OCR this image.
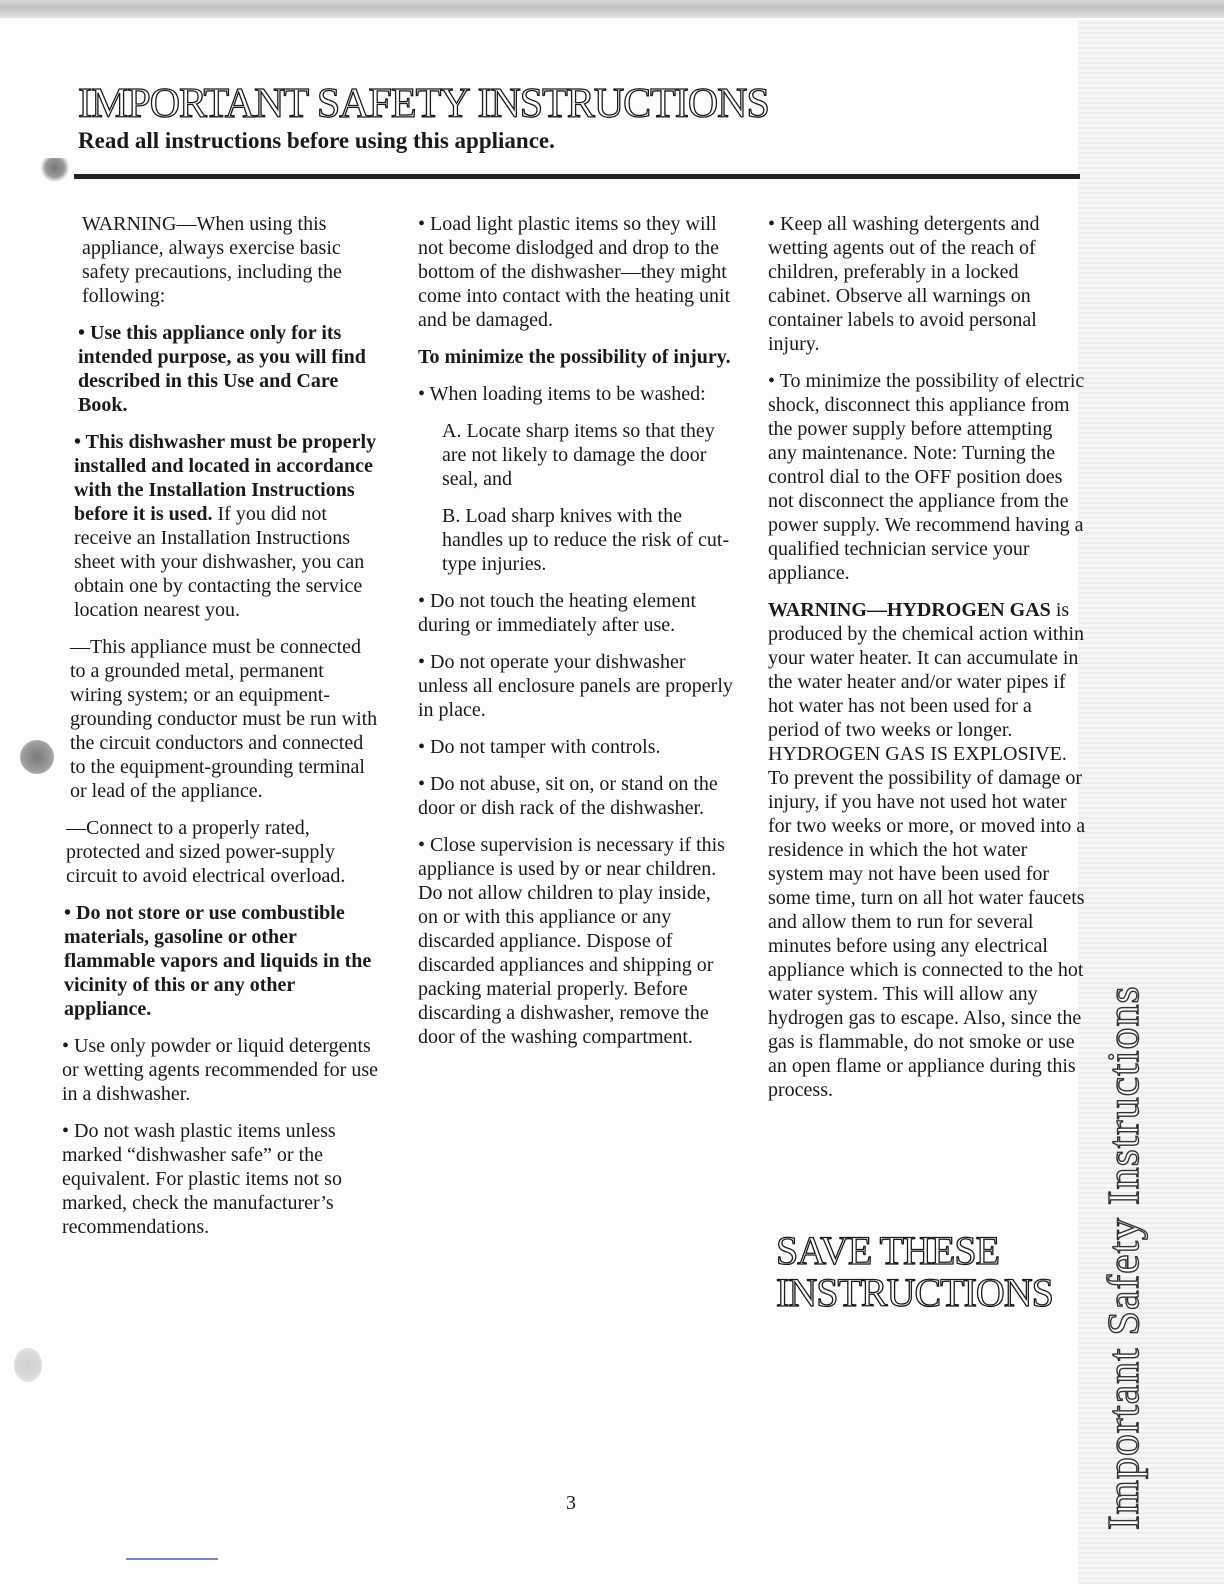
Important Safety Instructions
IMPORTANT SAFETY INSTRUCTIONS
Read all instructions before using this appliance.

WARNING—When using this appliance, always exercise basic safety precautions, including the following:

• Use this appliance only for its intended purpose, as you will find described in this Use and Care Book.

• This dishwasher must be properly installed and located in accordance with the Installation Instructions before it is used. If you did not receive an Installation Instructions sheet with your dishwasher, you can obtain one by contacting the service location nearest you.

—This appliance must be connected to a grounded metal, permanent wiring system; or an equipment-grounding conductor must be run with the circuit conductors and connected to the equipment-grounding terminal or lead of the appliance.

—Connect to a properly rated, protected and sized power-supply circuit to avoid electrical overload.

• Do not store or use combustible materials, gasoline or other flammable vapors and liquids in the vicinity of this or any other appliance.

• Use only powder or liquid detergents or wetting agents recommended for use in a dishwasher.

• Do not wash plastic items unless marked “dishwasher safe” or the equivalent. For plastic items not so marked, check the manufacturer’s recommendations.

• Load light plastic items so they will not become dislodged and drop to the bottom of the dishwasher—they might come into contact with the heating unit and be damaged.

To minimize the possibility of injury.

• When loading items to be washed:

A. Locate sharp items so that they are not likely to damage the door seal, and

B. Load sharp knives with the handles up to reduce the risk of cut-type injuries.

• Do not touch the heating element during or immediately after use.

• Do not operate your dishwasher unless all enclosure panels are properly in place.

• Do not tamper with controls.

• Do not abuse, sit on, or stand on the door or dish rack of the dishwasher.

• Close supervision is necessary if this appliance is used by or near children. Do not allow children to play inside, on or with this appliance or any discarded appliance. Dispose of discarded appliances and shipping or packing material properly. Before discarding a dishwasher, remove the door of the washing compartment.

• Keep all washing detergents and wetting agents out of the reach of children, preferably in a locked cabinet. Observe all warnings on container labels to avoid personal injury.

• To minimize the possibility of electric shock, disconnect this appliance from the power supply before attempting any maintenance. Note: Turning the control dial to the OFF position does not disconnect the appliance from the power supply. We recommend having a qualified technician service your appliance.

WARNING—HYDROGEN GAS is produced by the chemical action within your water heater. It can accumulate in the water heater and/or water pipes if hot water has not been used for a period of two weeks or longer. HYDROGEN GAS IS EXPLOSIVE. To prevent the possibility of damage or injury, if you have not used hot water for two weeks or more, or moved into a residence in which the hot water system may not have been used for some time, turn on all hot water faucets and allow them to run for several minutes before using any electrical appliance which is connected to the hot water system. This will allow any hydrogen gas to escape. Also, since the gas is flammable, do not smoke or use an open flame or appliance during this process.

SAVE THESE
INSTRUCTIONS
3
